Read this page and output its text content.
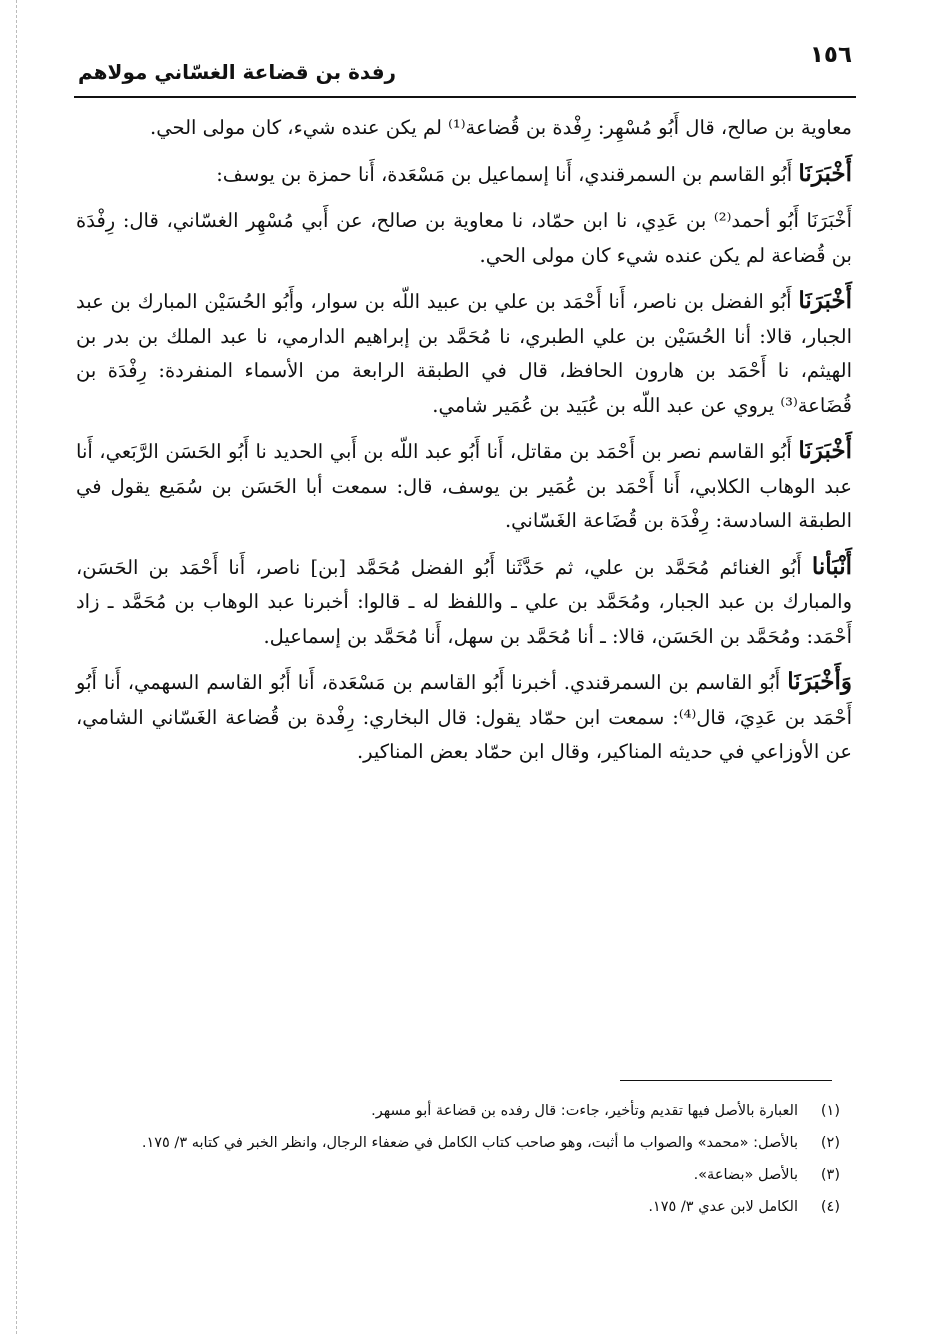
١٥٦
رفدة بن قضاعة الغسّاني مولاهم

معاوية بن صالح، قال أَبُو مُسْهِر: رِفْدة بن قُضاعة⁽¹⁾ لم يكن عنده شيء، كان مولى الحي.

أَخْبَرَنَا أَبُو القاسم بن السمرقندي، أَنا إسماعيل بن مَسْعَدة، أَنا حمزة بن يوسف:

أَخْبَرَنَا أَبُو أحمد⁽²⁾ بن عَدِي، نا ابن حمّاد، نا معاوية بن صالح، عن أَبي مُسْهِر الغسّاني، قال: رِفْدَة بن قُضاعة لم يكن عنده شيء كان مولى الحي.

أَخْبَرَنَا أَبُو الفضل بن ناصر، أَنا أَحْمَد بن علي بن عبيد اللّه بن سوار، وأَبُو الحُسَيْن المبارك بن عبد الجبار، قالا: أنا الحُسَيْن بن علي الطبري، نا مُحَمَّد بن إبراهيم الدارمي، نا عبد الملك بن بدر بن الهيثم، نا أَحْمَد بن هارون الحافظ، قال في الطبقة الرابعة من الأسماء المنفردة: رِفْدَة بن قُضَاعة⁽³⁾ يروي عن عبد اللّه بن عُبَيد بن عُمَير شامي.

أَخْبَرَنَا أَبُو القاسم نصر بن أَحْمَد بن مقاتل، أَنا أَبُو عبد اللّه بن أَبي الحديد نا أَبُو الحَسَن الرَّبَعي، أَنا عبد الوهاب الكلابي، أَنا أَحْمَد بن عُمَير بن يوسف، قال: سمعت أبا الحَسَن بن سُمَيع يقول في الطبقة السادسة: رِفْدَة بن قُضَاعة الغَسّاني.

أَنْبَأنا أَبُو الغنائم مُحَمَّد بن علي، ثم حَدَّثَنا أَبُو الفضل مُحَمَّد [بن] ناصر، أَنا أَحْمَد بن الحَسَن، والمبارك بن عبد الجبار، ومُحَمَّد بن علي ـ واللفظ له ـ قالوا: أخبرنا عبد الوهاب بن مُحَمَّد ـ زاد أَحْمَد: ومُحَمَّد بن الحَسَن، قالا: ـ أنا مُحَمَّد بن سهل، أَنا مُحَمَّد بن إسماعيل.

وَأَخْبَرَنَا أَبُو القاسم بن السمرقندي. أخبرنا أَبُو القاسم بن مَسْعَدة، أَنا أَبُو القاسم السهمي، أَنا أَبُو أَحْمَد بن عَدِيَ، قال⁽⁴⁾: سمعت ابن حمّاد يقول: قال البخاري: رِفْدة بن قُضاعة الغَسّاني الشامي، عن الأوزاعي في حديثه المناكير، وقال ابن حمّاد بعض المناكير.

(١)
العبارة بالأصل فيها تقديم وتأخير، جاءت: قال رفده بن قضاعة أبو مسهر.
(٢)
بالأصل: «محمد» والصواب ما أثبت، وهو صاحب كتاب الكامل في ضعفاء الرجال، وانظر الخبر في كتابه ٣/ ١٧٥.
(٣)
بالأصل «بضاعة».
(٤)
الكامل لابن عدي ٣/ ١٧٥.
